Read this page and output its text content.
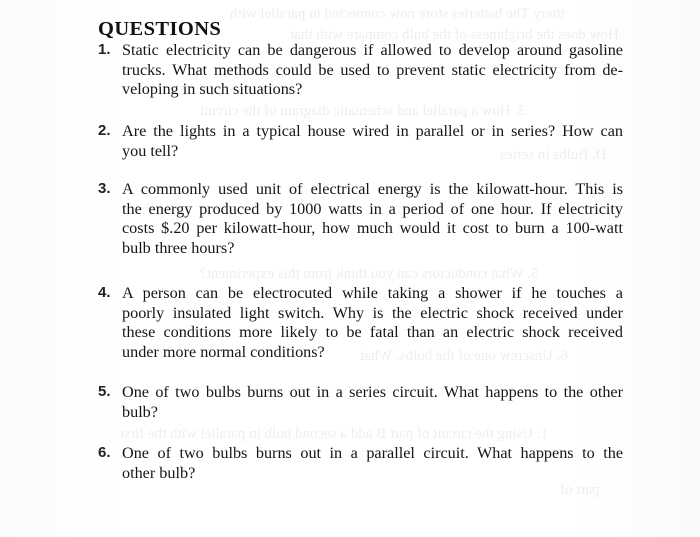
tttery The batteries store now connected in parallel with
How does the brightness of the bulb compare with that
3. How a parallel and schematic diagram of the circuit
D. Bulbs in series
5. What conductors can you think from this experiment?
6. Unscrew one of the bulbs. What
1. Using the circuit of part B add a second bulb in parallel with the first
part of
QUESTIONS
1. Static electricity can be dangerous if allowed to develop around gasoline
trucks. What methods could be used to prevent static electricity from de-
veloping in such situations?
2. Are the lights in a typical house wired in parallel or in series? How can
you tell?
3. A commonly used unit of electrical energy is the kilowatt-hour. This is
the energy produced by 1000 watts in a period of one hour. If electricity
costs $.20 per kilowatt-hour, how much would it cost to burn a 100-watt
bulb three hours?
4. A person can be electrocuted while taking a shower if he touches a
poorly insulated light switch. Why is the electric shock received under
these conditions more likely to be fatal than an electric shock received
under more normal conditions?
5. One of two bulbs burns out in a series circuit. What happens to the other
bulb?
6. One of two bulbs burns out in a parallel circuit. What happens to the
other bulb?
